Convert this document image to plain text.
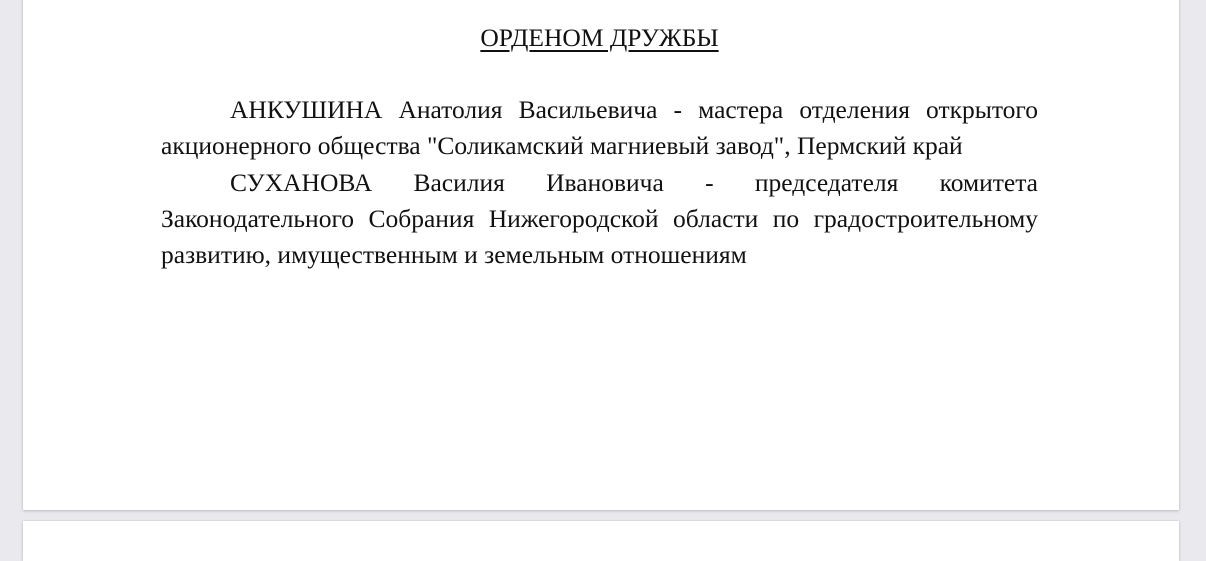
ОРДЕНОМ ДРУЖБЫ

АНКУШИНА Анатолия Васильевича - мастера отделения открытого акционерного общества "Соликамский магниевый завод", Пермский край

СУХАНОВА Василия Ивановича - председателя комитета Законодательного Собрания Нижегородской области по градостроительному развитию, имущественным и земельным отношениям
